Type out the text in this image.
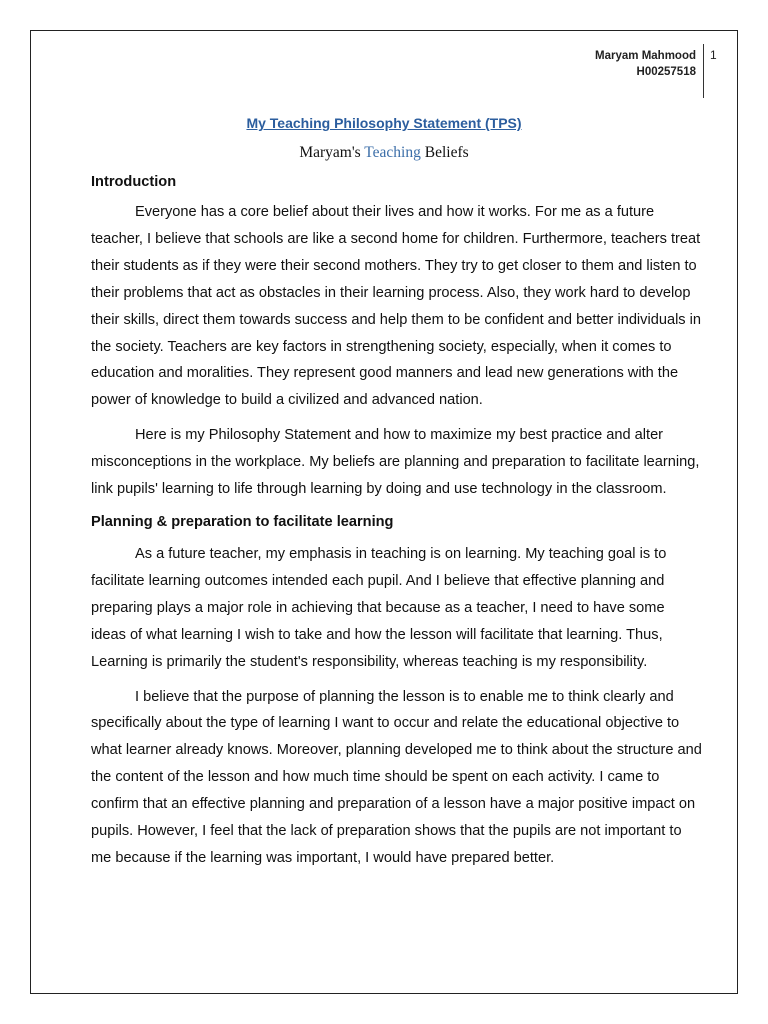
Maryam Mahmood
H00257518
1
My Teaching Philosophy Statement (TPS)
Maryam's Teaching Beliefs
Introduction

Everyone has a core belief about their lives and how it works. For me as a future teacher, I believe that schools are like a second home for children. Furthermore, teachers treat their students as if they were their second mothers. They try to get closer to them and listen to their problems that act as obstacles in their learning process. Also, they work hard to develop their skills, direct them towards success and help them to be confident and better individuals in the society. Teachers are key factors in strengthening society, especially, when it comes to education and moralities. They represent good manners and lead new generations with the power of knowledge to build a civilized and advanced nation.

Here is my Philosophy Statement and how to maximize my best practice and alter misconceptions in the workplace. My beliefs are planning and preparation to facilitate learning, link pupils' learning to life through learning by doing and use technology in the classroom.

Planning & preparation to facilitate learning

As a future teacher, my emphasis in teaching is on learning. My teaching goal is to facilitate learning outcomes intended each pupil. And I believe that effective planning and preparing plays a major role in achieving that because as a teacher, I need to have some ideas of what learning I wish to take and how the lesson will facilitate that learning. Thus, Learning is primarily the student's responsibility, whereas teaching is my responsibility.

I believe that the purpose of planning the lesson is to enable me to think clearly and specifically about the type of learning I want to occur and relate the educational objective to what learner already knows. Moreover, planning developed me to think about the structure and the content of the lesson and how much time should be spent on each activity. I came to confirm that an effective planning and preparation of a lesson have a major positive impact on pupils. However, I feel that the lack of preparation shows that the pupils are not important to me because if the learning was important, I would have prepared better.
